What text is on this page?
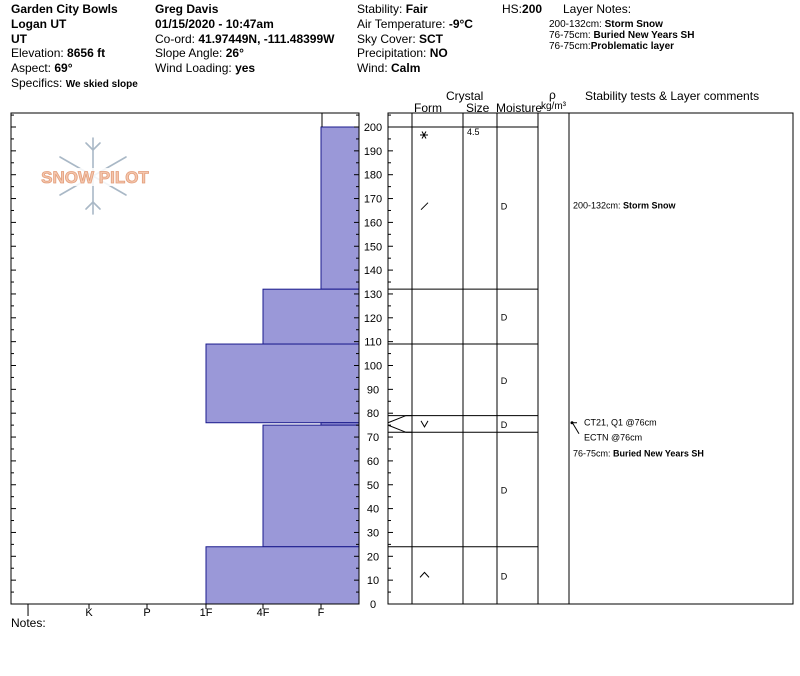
Garden City Bowls
Logan UT
UT
Elevation: 8656 ft
Aspect: 69°
Specifics: We skied slope
Greg Davis
01/15/2020 - 10:47am
Co-ord: 41.97449N, -111.48399W
Slope Angle: 26°
Wind Loading: yes
Stability: Fair
Air Temperature: -9°C
Sky Cover: SCT
Precipitation: NO
Wind: Calm
HS:200 Layer Notes:
200-132cm: Storm Snow
76-75cm: Buried New Years SH
76-75cm:Problematic layer
Crystal
Form Size Moisture
ρ
kg/m³
Stability tests & Layer comments
Notes:
SNOW PILOT
0
10
20
30
40
50
60
70
80
90
100
110
120
130
140
150
160
170
180
190
200
I	K	P	1F	4F	F
D
4.5
D
D
D
D
D
CT21, Q1 @76cm
ECTN @76cm
200-132cm: Storm Snow
76-75cm: Buried New Years SH
